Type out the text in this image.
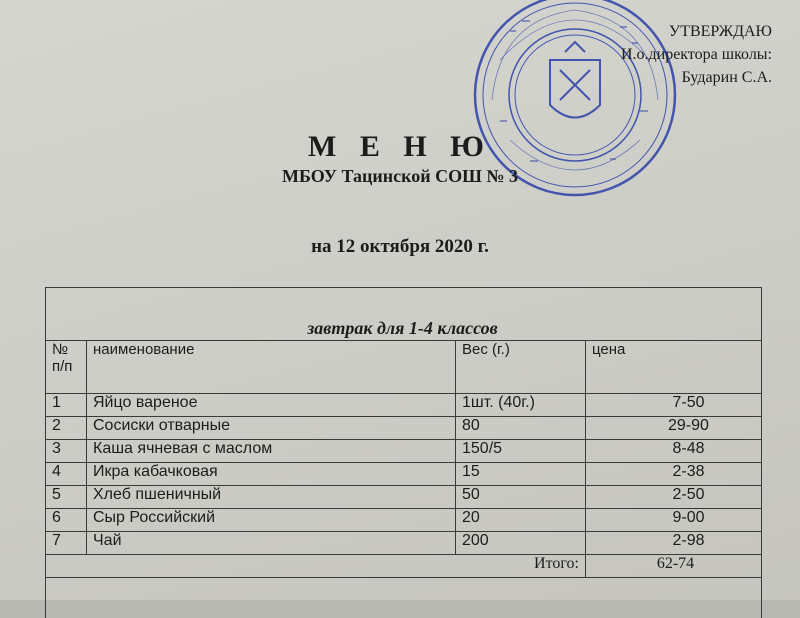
УТВЕРЖДАЮ
И.о.директора школы:
Бударин С.А.
М Е Н Ю
МБОУ Тацинской СОШ № 3
на 12 октября 2020 г.
завтрак для 1-4 классов
№ п/п	наименование	Вес (г.)	цена
1	Яйцо вареное	1шт. (40г.)	7-50
2	Сосиски отварные	80	29-90
3	Каша ячневая с маслом	150/5	8-48
4	Икра кабачковая	15	2-38
5	Хлеб пшеничный	50	2-50
6	Сыр Российский	20	9-00
7	Чай	200	2-98
Итого:			62-74
